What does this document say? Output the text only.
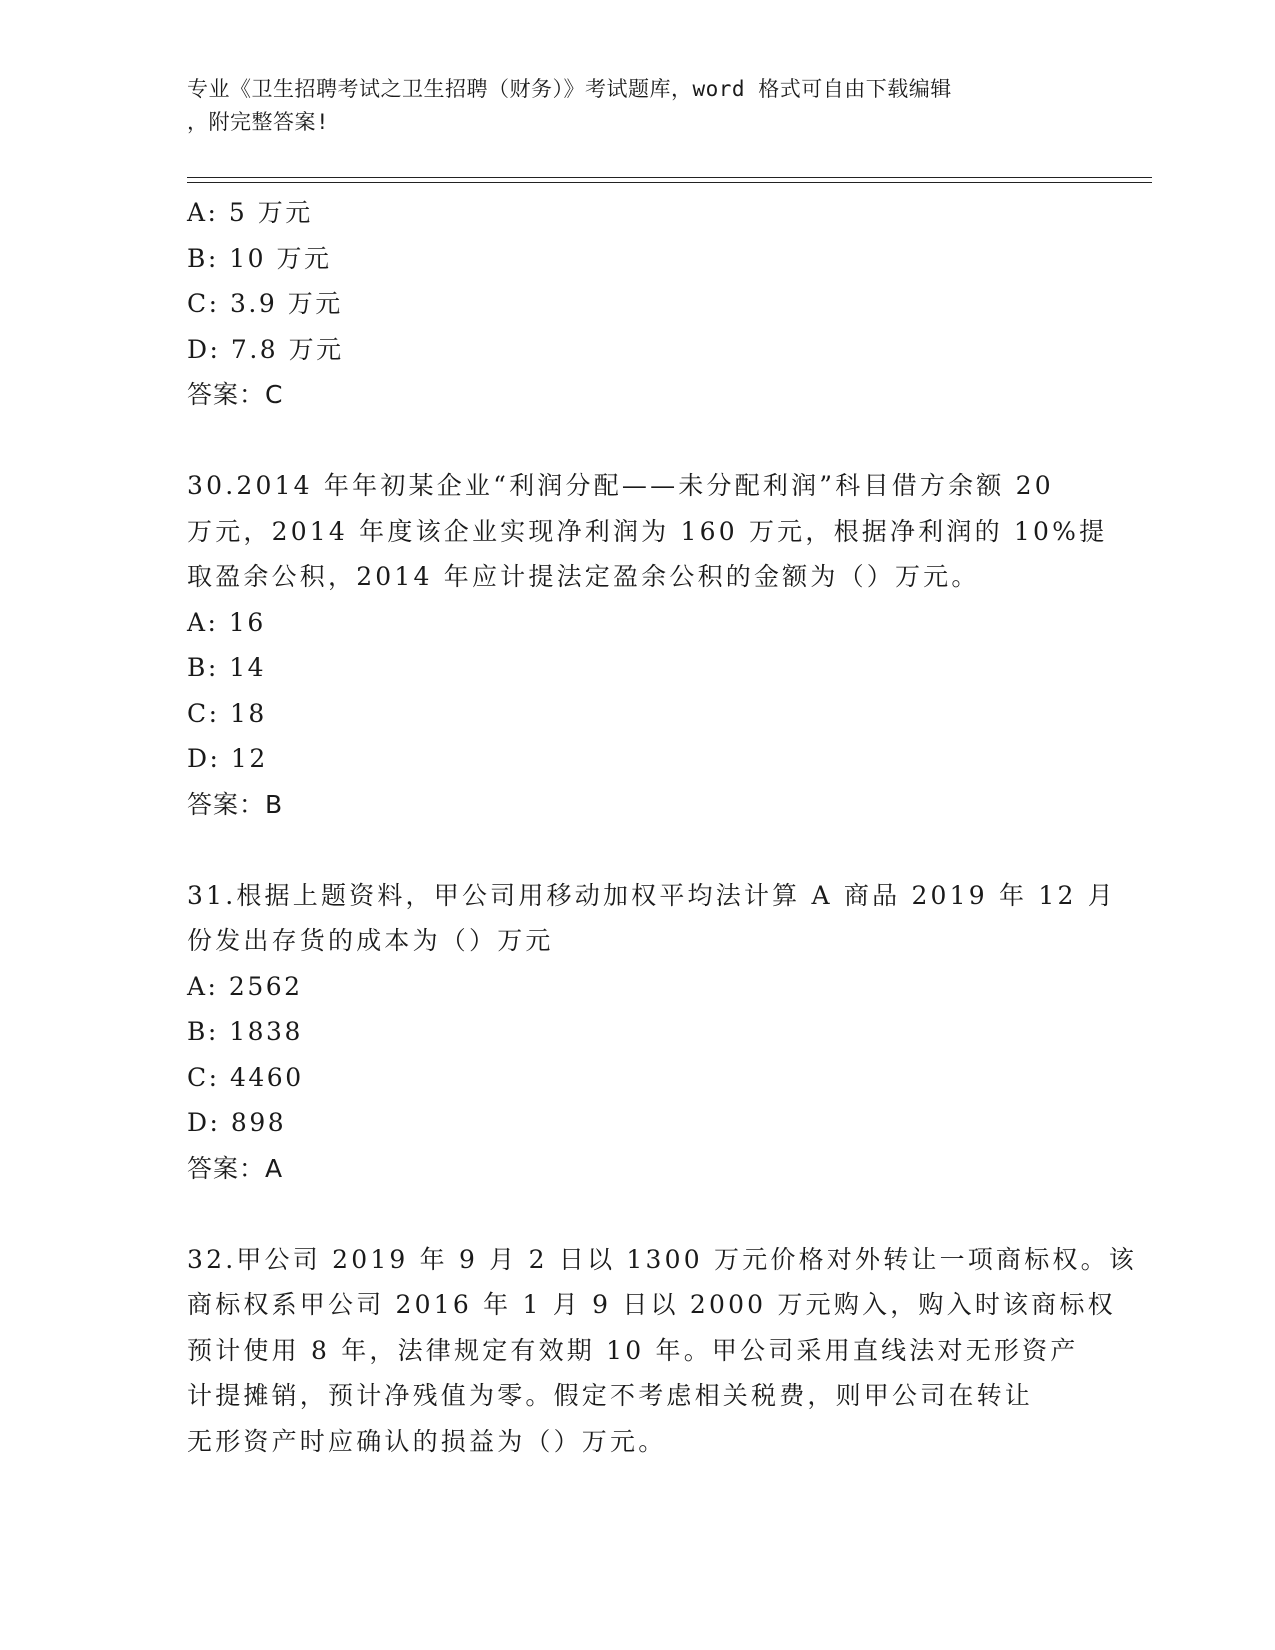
专业《卫生招聘考试之卫生招聘（财务）》考试题库，word 格式可自由下载编辑
，附完整答案!
A: 5 万元
B: 10 万元
C: 3.9 万元
D: 7.8 万元
答案：C
30.2014 年年初某企业“利润分配——未分配利润”科目借方余额 20
万元，2014 年度该企业实现净利润为 160 万元，根据净利润的 10%提
取盈余公积，2014 年应计提法定盈余公积的金额为（）万元。
A: 16
B: 14
C: 18
D: 12
答案：B
31.根据上题资料，甲公司用移动加权平均法计算 A 商品 2019 年 12 月
份发出存货的成本为（）万元
A: 2562
B: 1838
C: 4460
D: 898
答案：A
32.甲公司 2019 年 9 月 2 日以 1300 万元价格对外转让一项商标权。该
商标权系甲公司 2016 年 1 月 9 日以 2000 万元购入，购入时该商标权
预计使用 8 年，法律规定有效期 10 年。甲公司采用直线法对无形资产
计提摊销，预计净残值为零。假定不考虑相关税费，则甲公司在转让
无形资产时应确认的损益为（）万元。
